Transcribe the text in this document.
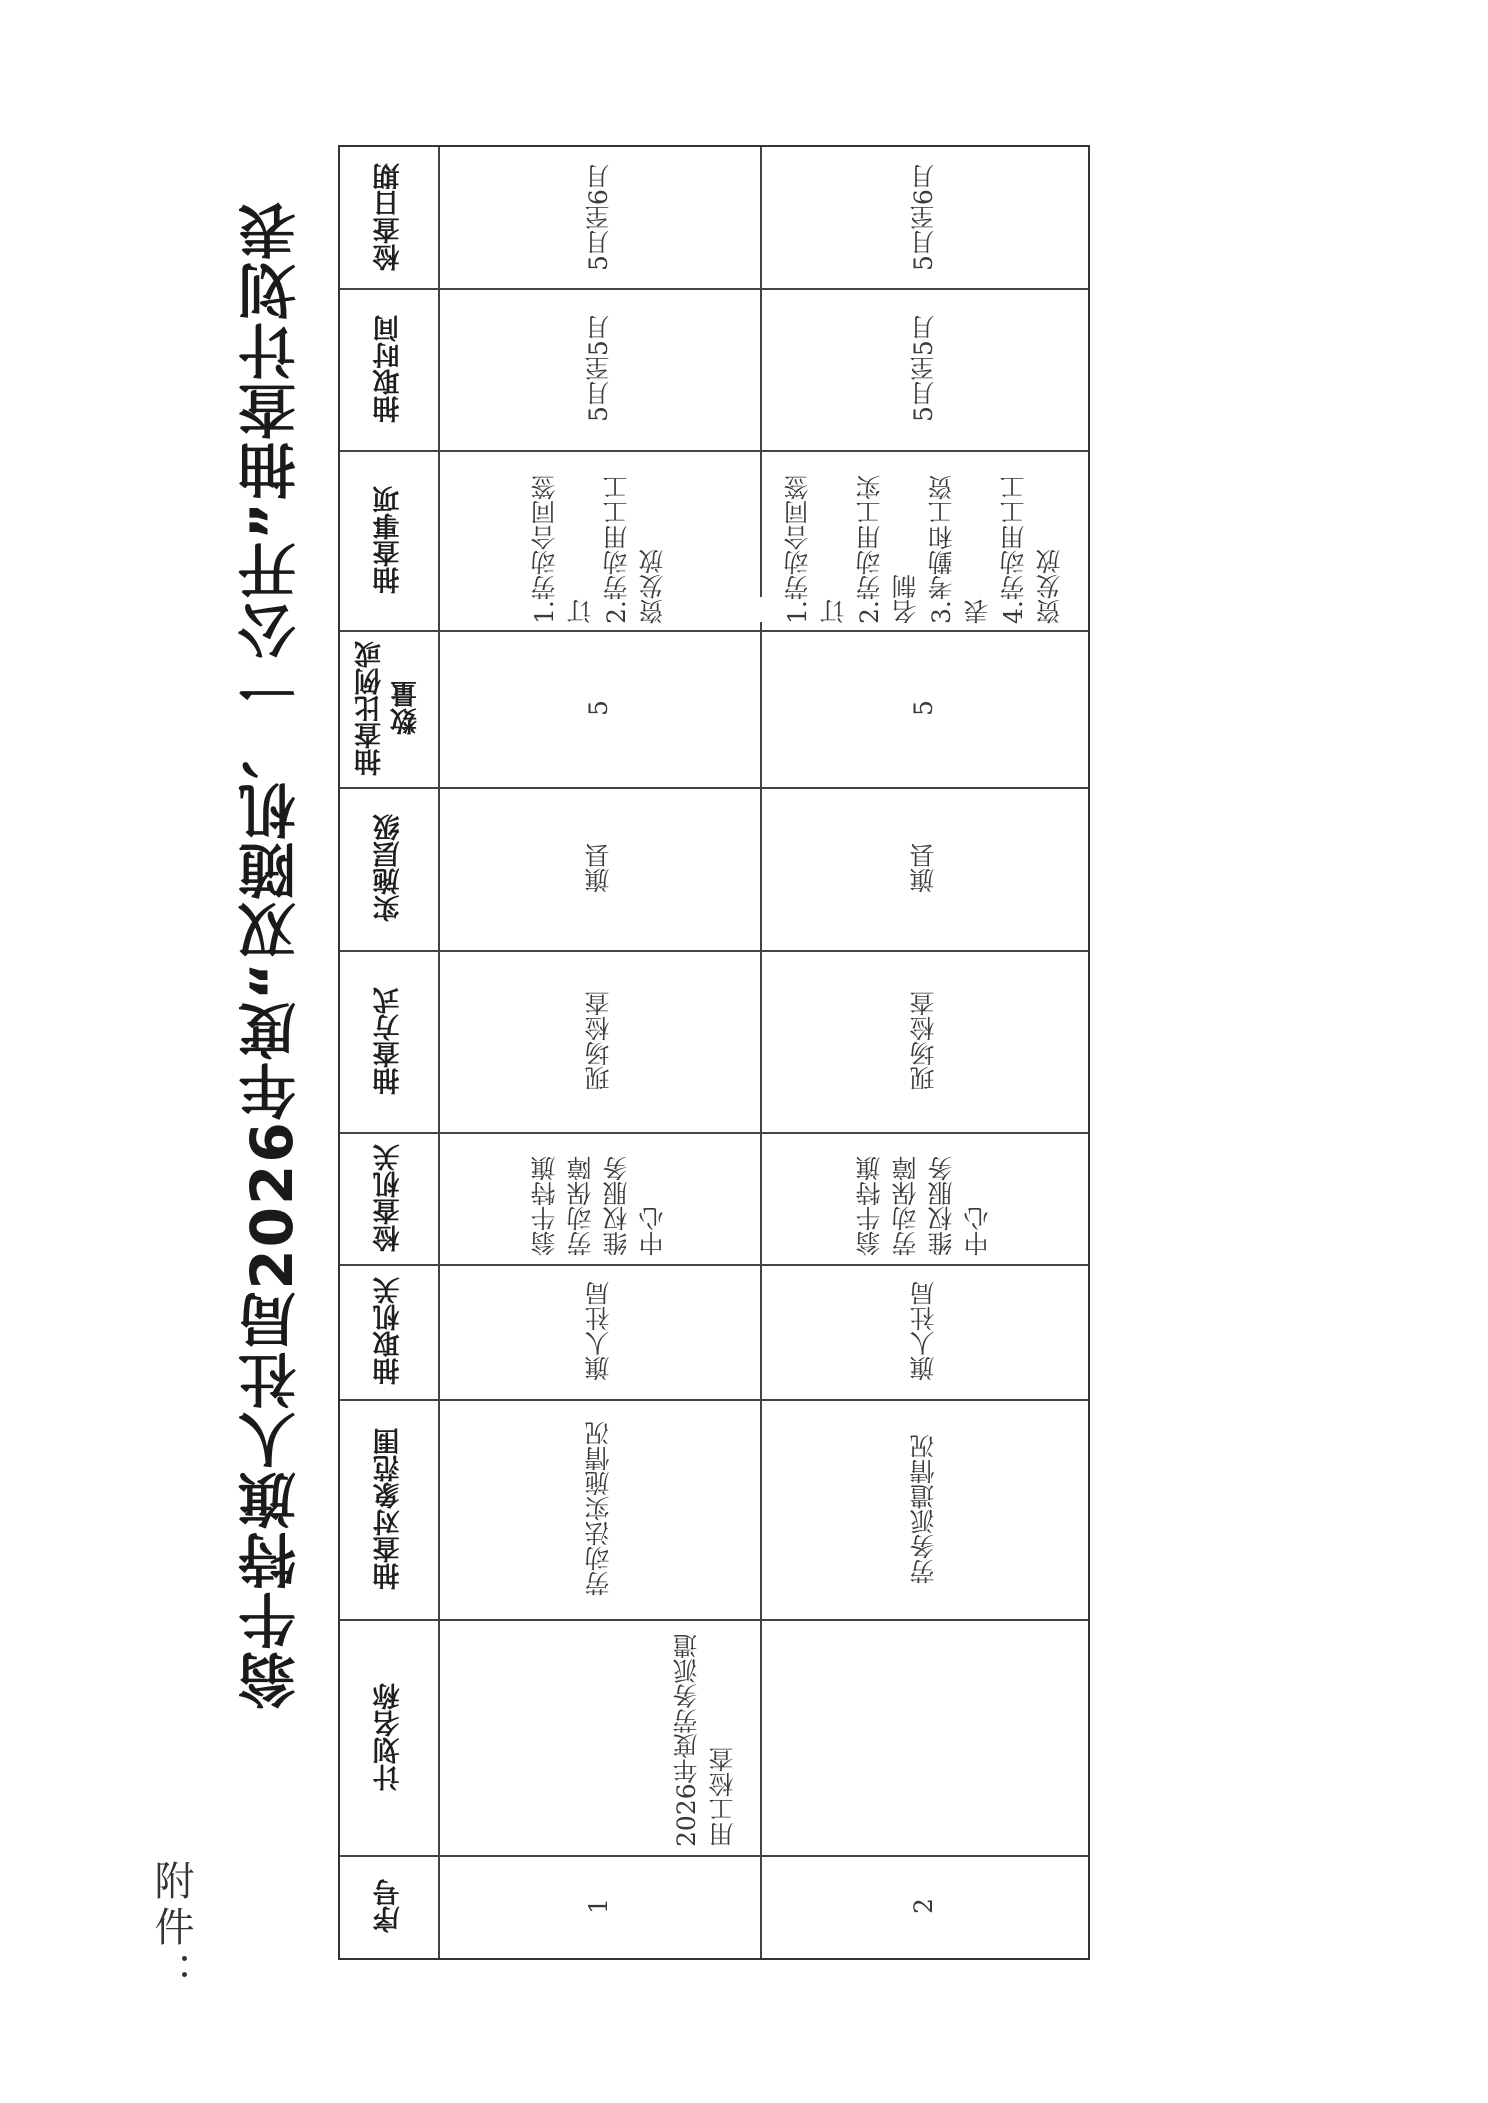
附件：
翁牛特旗人社局2026年度“双随机、一公开”抽查计划表	检查日期
抽取时间
抽查事项
抽查比例或数量
实施层级
抽查方式
检查机关
抽取机关
抽查对象范围
计划名称
序号
5月至6月
5月至5月
1.劳动合同签订
2.劳动用工工资发放
5
旗县
现场检查
翁牛特旗劳动保障维权服务中心
旗人社局
劳动法实施情况
1
2026年度劳务派遣用工检查
5月至6月
5月至5月
1.劳动合同签订
2.劳动用工实名制
3.考勤和工资表
4.劳动用工工资发放
5
旗县
现场检查
翁牛特旗劳动保障维权服务中心
旗人社局
劳务派遣情况
2
